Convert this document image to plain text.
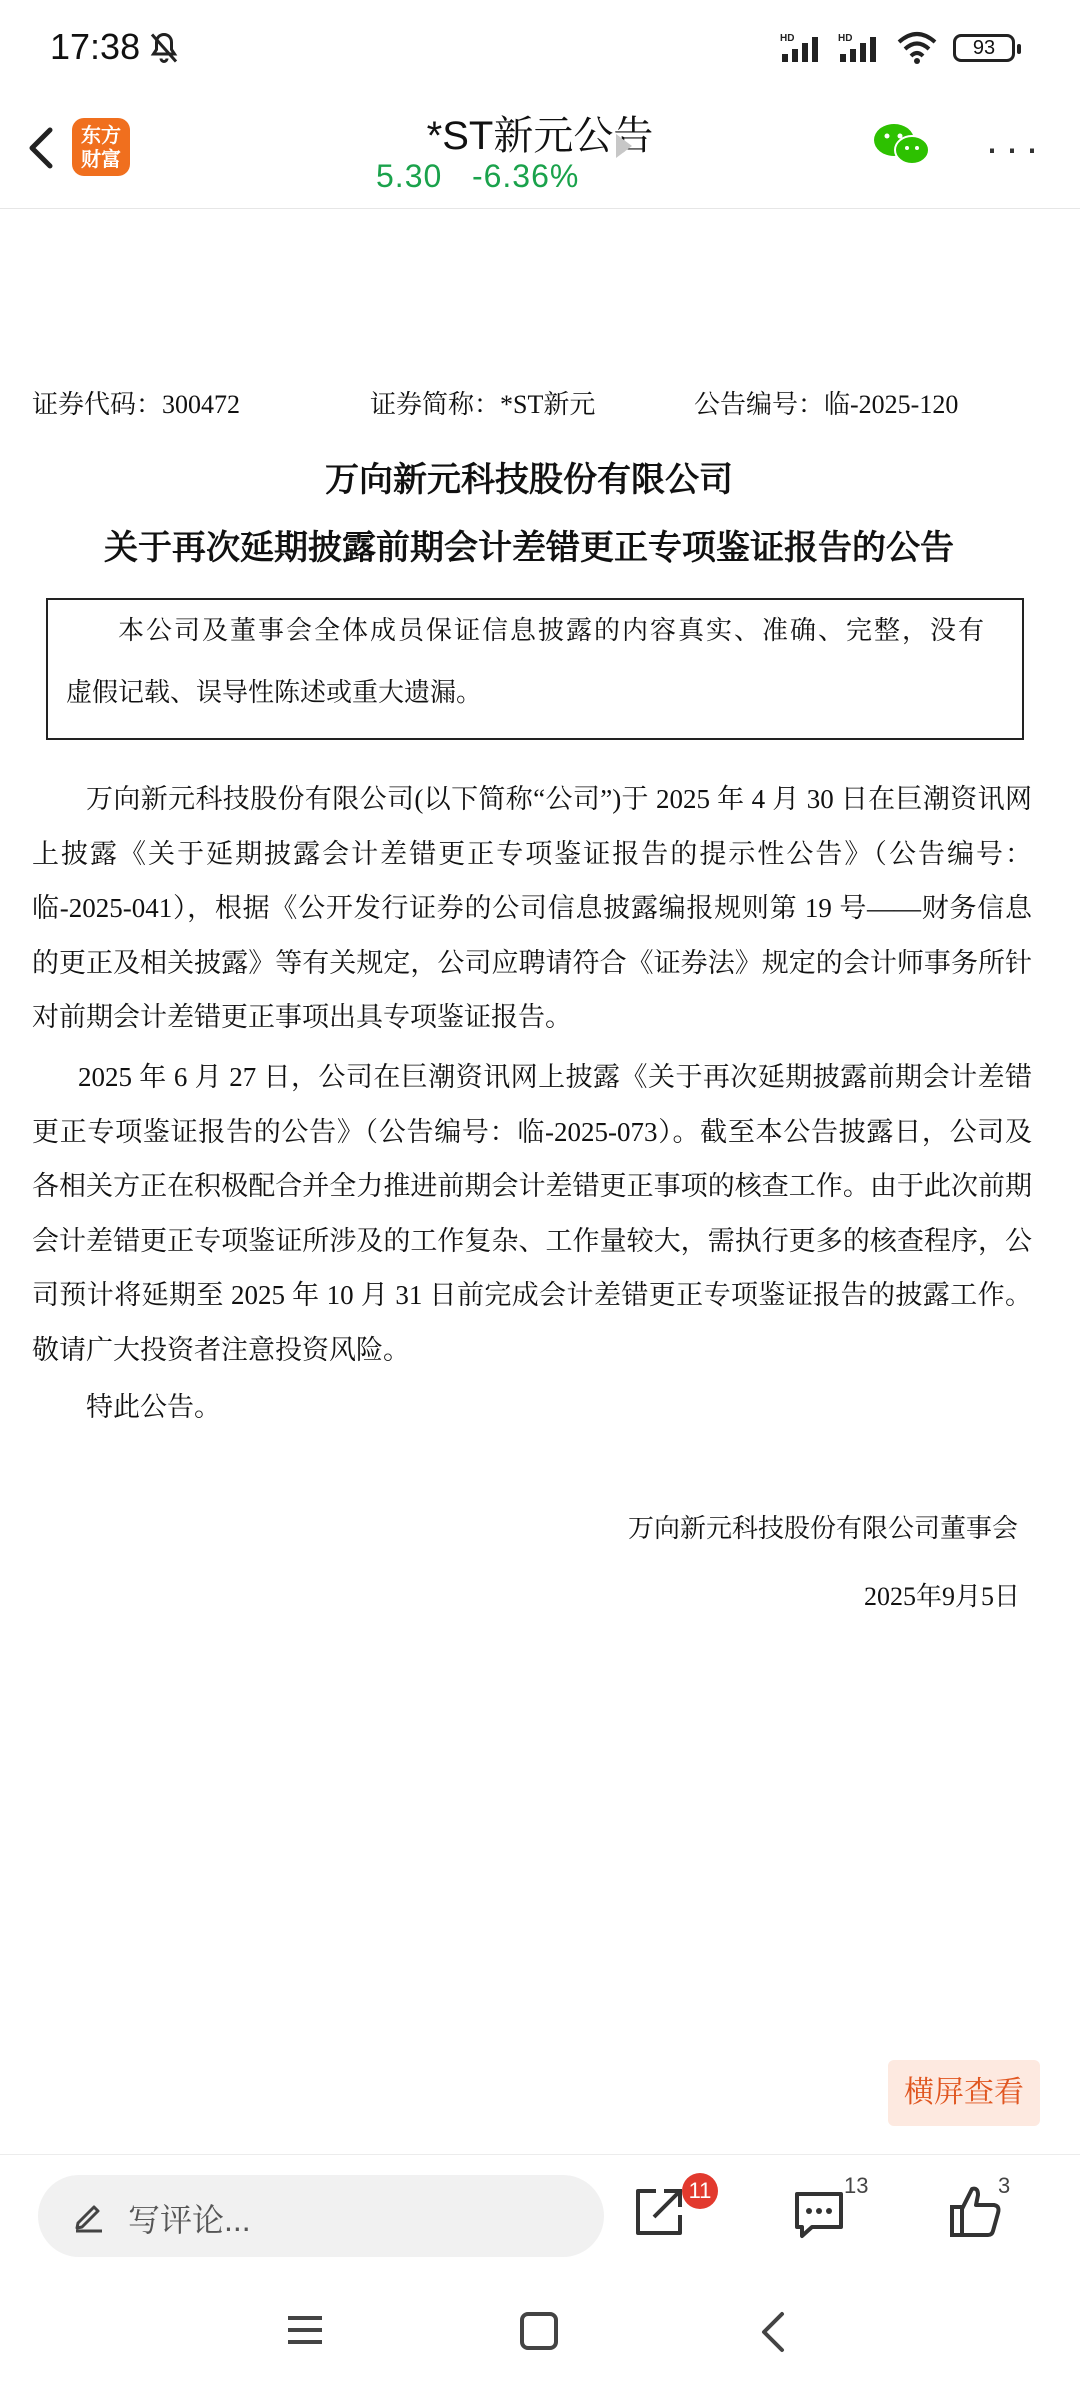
17:38	HD	HD	93
东方
财富
*ST新元公告
5.30 -6.36%
···
证券代码：300472	证券简称：*ST新元	公告编号：临-2025-120
万向新元科技股份有限公司
关于再次延期披露前期会计差错更正专项鉴证报告的公告
本公司及董事会全体成员保证信息披露的内容真实、准确、完整，没有
虚假记载、误导性陈述或重大遗漏。
万向新元科技股份有限公司(以下简称“公司”)于 2025 年 4 月 30 日在巨潮资讯网上披露《关于延期披露会计差错更正专项鉴证报告的提示性公告》（公告编号：临-2025-041），根据《公开发行证券的公司信息披露编报规则第 19 号——财务信息的更正及相关披露》等有关规定，公司应聘请符合《证券法》规定的会计师事务所针对前期会计差错更正事项出具专项鉴证报告。
2025 年 6 月 27 日，公司在巨潮资讯网上披露《关于再次延期披露前期会计差错更正专项鉴证报告的公告》（公告编号：临-2025-073）。截至本公告披露日，公司及各相关方正在积极配合并全力推进前期会计差错更正事项的核查工作。由于此次前期会计差错更正专项鉴证所涉及的工作复杂、工作量较大，需执行更多的核查程序，公司预计将延期至 2025 年 10 月 31 日前完成会计差错更正专项鉴证报告的披露工作。敬请广大投资者注意投资风险。
特此公告。
万向新元科技股份有限公司董事会
2025年9月5日
横屏查看
写评论...
11	13	3
